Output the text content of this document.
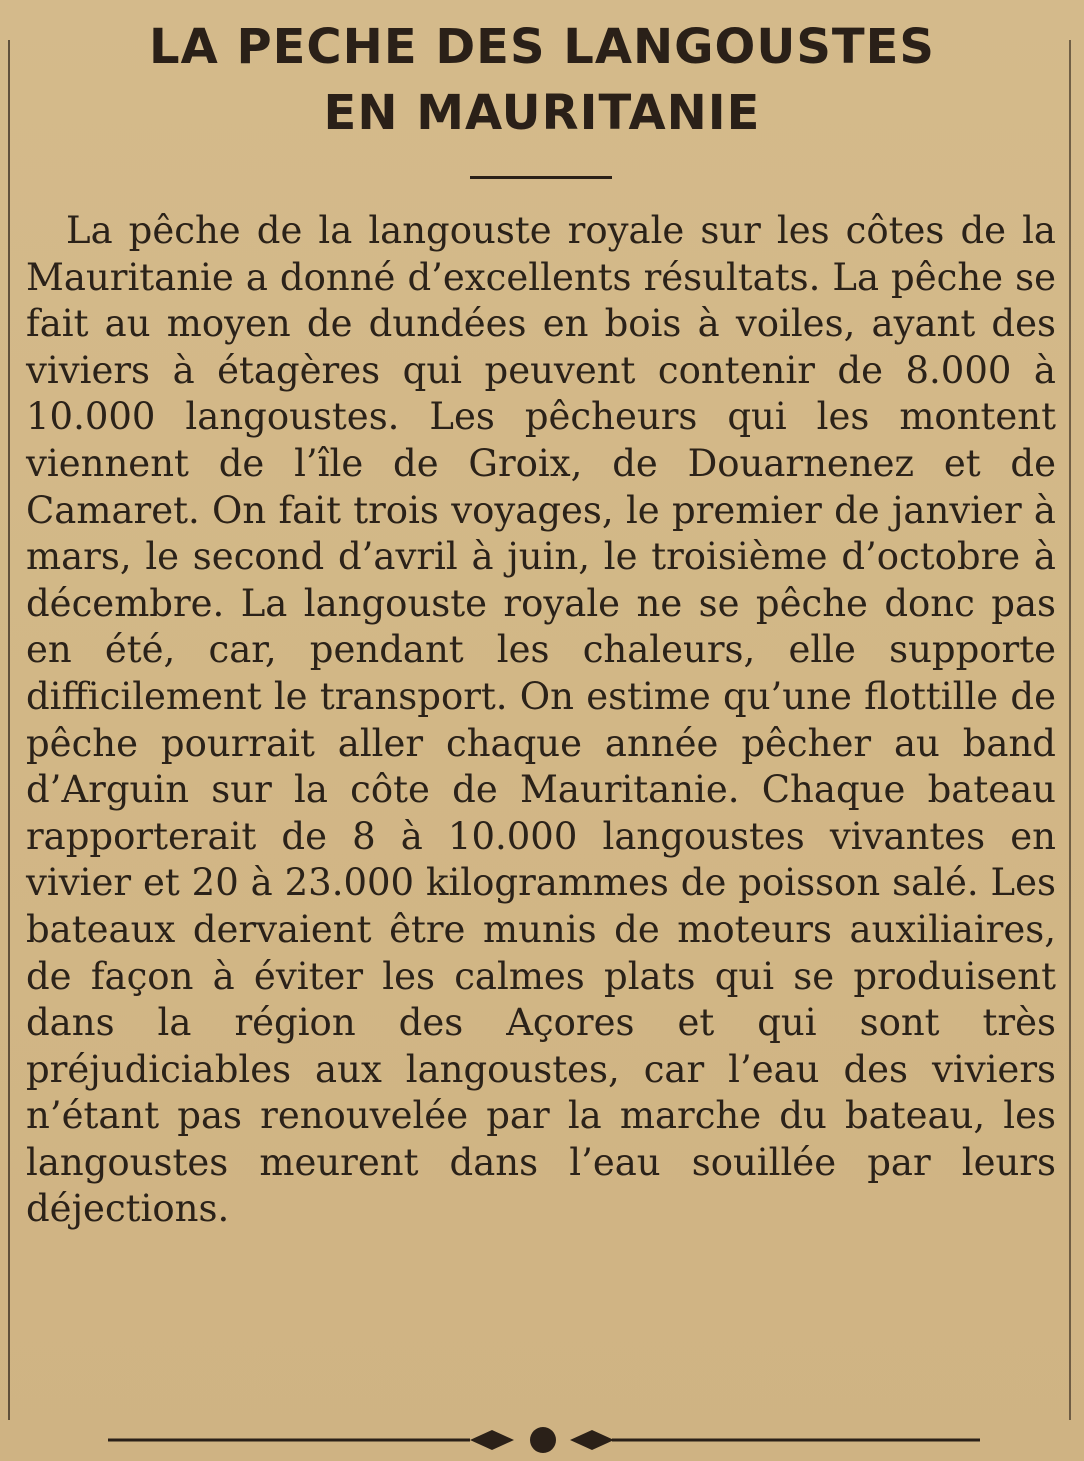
LA PECHE DES LANGOUSTES
EN MAURITANIE

La pêche de la langouste royale sur les côtes de la Mauritanie a donné d’excellents résultats. La pêche se fait au moyen de dundées en bois à voiles, ayant des viviers à étagères qui peuvent contenir de 8.000 à 10.000 langoustes. Les pêcheurs qui les montent viennent de l’île de Groix, de Douarnenez et de Camaret. On fait trois voyages, le premier de janvier à mars, le second d’avril à juin, le troisième d’octobre à décembre. La langouste royale ne se pêche donc pas en été, car, pendant les chaleurs, elle supporte difficilement le transport. On estime qu’une flottille de pêche pourrait aller chaque année pêcher au band d’Arguin sur la côte de Mauritanie. Chaque bateau rapporterait de 8 à 10.000 langoustes vivantes en vivier et 20 à 23.000 kilogrammes de poisson salé. Les bateaux dervaient être munis de moteurs auxiliaires, de façon à éviter les calmes plats qui se produisent dans la région des Açores et qui sont très préjudiciables aux langoustes, car l’eau des viviers n’étant pas renouvelée par la marche du bateau, les langoustes meurent dans l’eau souillée par leurs déjections.
